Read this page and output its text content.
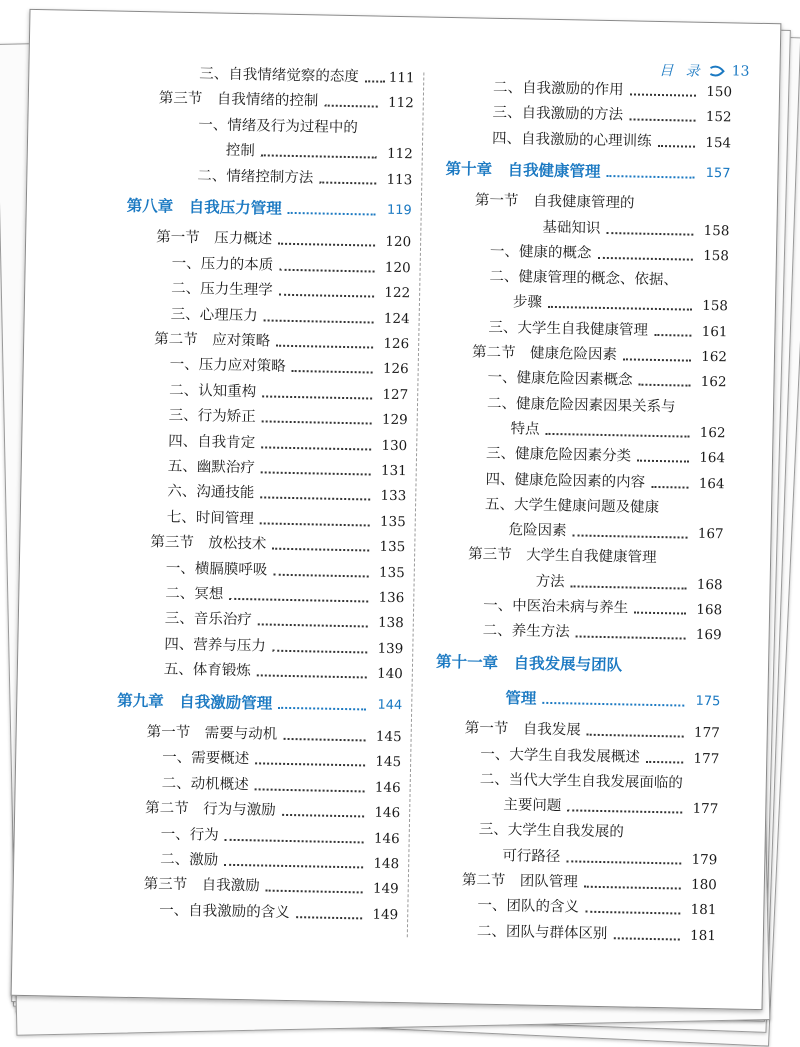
目 录 13
三、自我情绪觉察的态度 111
第三节　自我情绪的控制	112
一、情绪及行为过程中的
控制	112
二、情绪控制方法	113
第八章　自我压力管理	119
第一节　压力概述	120
一、压力的本质	120
二、压力生理学	122
三、心理压力	124
第二节　应对策略	126
一、压力应对策略	126
二、认知重构	127
三、行为矫正	129
四、自我肯定	130
五、幽默治疗	131
六、沟通技能	133
七、时间管理	135
第三节　放松技术	135
一、横膈膜呼吸	135
二、冥想	136
三、音乐治疗	138
四、营养与压力	139
五、体育锻炼	140
第九章　自我激励管理	144
第一节　需要与动机	145
一、需要概述	145
二、动机概述	146
第二节　行为与激励	146
一、行为	146
二、激励	148
第三节　自我激励	149
一、自我激励的含义	149
二、自我激励的作用	150
三、自我激励的方法	152
四、自我激励的心理训练	154
第十章　自我健康管理	157
第一节　自我健康管理的
基础知识	158
一、健康的概念	158
二、健康管理的概念、依据、
步骤	158
三、大学生自我健康管理	161
第二节　健康危险因素	162
一、健康危险因素概念	162
二、健康危险因素因果关系与
特点	162
三、健康危险因素分类	164
四、健康危险因素的内容	164
五、大学生健康问题及健康
危险因素	167
第三节　大学生自我健康管理
方法	168
一、中医治未病与养生	168
二、养生方法	169
第十一章　自我发展与团队
管理	175
第一节　自我发展	177
一、大学生自我发展概述	177
二、当代大学生自我发展面临的
主要问题	177
三、大学生自我发展的
可行路径	179
第二节　团队管理	180
一、团队的含义	181
二、团队与群体区别	181
